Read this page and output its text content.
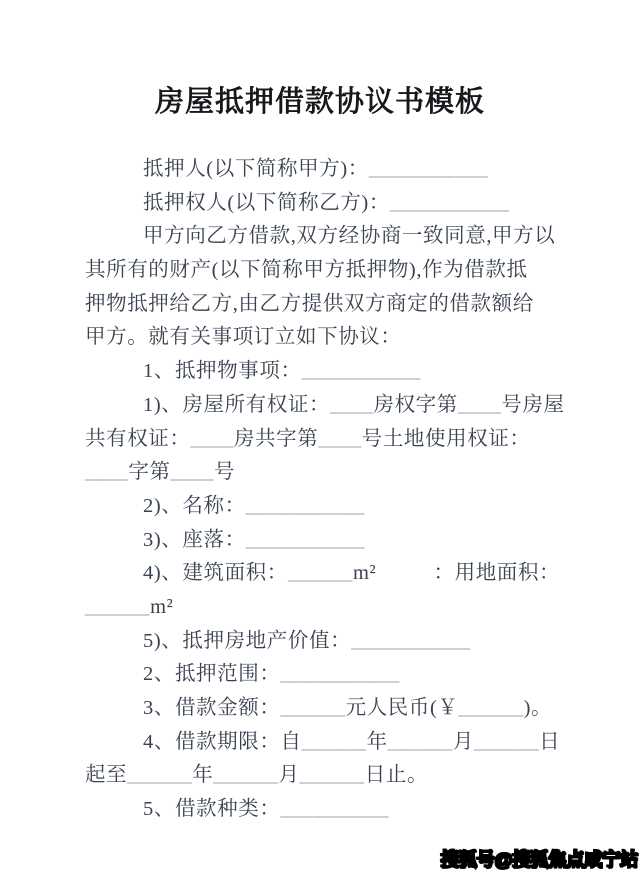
房屋抵押借款协议书模板
抵押人(以下简称甲方)：___________
抵押权人(以下简称乙方)：___________
甲方向乙方借款,双方经协商一致同意,甲方以
其所有的财产(以下简称甲方抵押物),作为借款抵
押物抵押给乙方,由乙方提供双方商定的借款额给
甲方。就有关事项订立如下协议：
1、抵押物事项：___________
1)、房屋所有权证：____房权字第____号房屋
共有权证：____房共字第____号土地使用权证：
____字第____号
2)、名称：___________
3)、座落：___________
4)、建筑面积：______m²          ：用地面积：
______m²
5)、抵押房地产价值：___________
2、抵押范围：___________
3、借款金额：______元人民币(￥______)。
4、借款期限：自______年______月______日
起至______年______月______日止。
5、借款种类：__________
搜狐号@搜狐焦点咸宁站
